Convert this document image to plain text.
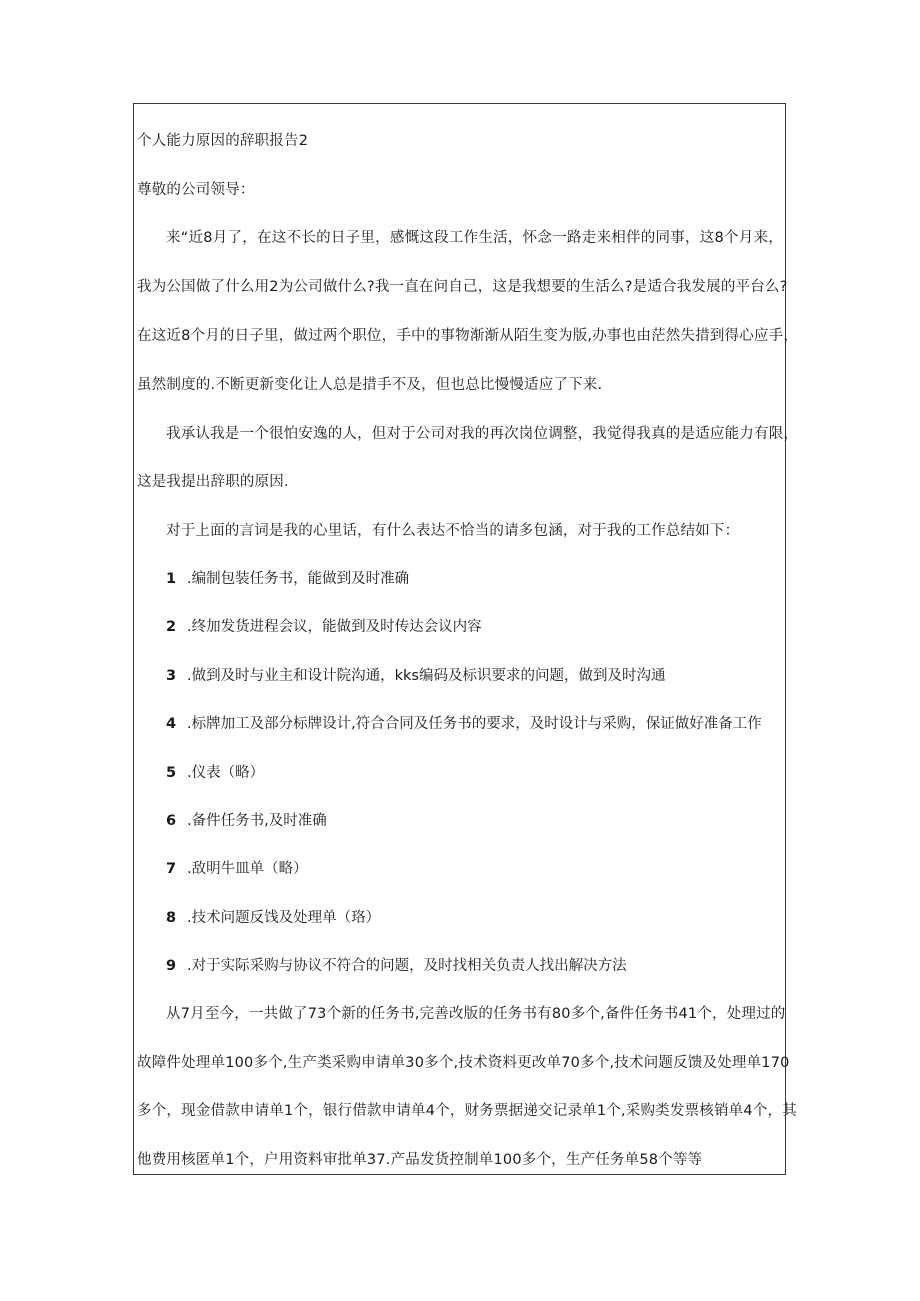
个人能力原因的辞职报告2
尊敬的公司领导：
来“近8月了，在这不长的日子里，感慨这段工作生活，怀念一路走来相伴的同事，这8个月来，
我为公国做了什么用2为公司做什么?我一直在问自己，这是我想要的生活么?是适合我发展的平台么?
在这近8个月的日子里，做过两个职位，手中的事物渐渐从陌生变为版,办事也由茫然失措到得心应手，
虽然制度的.不断更新变化让人总是措手不及，但也总比慢慢适应了下来.
我承认我是一个很怕安逸的人，但对于公司对我的再次岗位调整，我觉得我真的是适应能力有限，
这是我提出辞职的原因.
对于上面的言词是我的心里话，有什么表达不恰当的请多包涵，对于我的工作总结如下：
1 .编制包装任务书，能做到及时准确
2 .终加发货进程会议，能做到及时传达会议内容
3 .做到及时与业主和设计院沟通，kks编码及标识要求的问题，做到及时沟通
4 .标牌加工及部分标牌设计,符合合同及任务书的要求，及时设计与采购，保证做好准备工作
5 .仪表（略）
6 .备件任务书,及时准确
7 .敌明牛皿单（略）
8 .技术问题反饯及处理单（珞）
9 .对于实际采购与协议不符合的问题，及时找相关负责人找出解决方法
从7月至今，一共做了73个新的任务书,完善改版的任务书有80多个,备件任务书41个，处理过的
故障件处理单100多个,生产类采购申请单30多个,技术资料更改单70多个,技术问题反馈及处理单170
多个，现金借款申请单1个，银行借款申请单4个，财务票据递交记录单1个,采购类发票核销单4个，其
他费用核匿单1个，户用资料审批单37.产品发货控制单100多个，生产任务单58个等等
